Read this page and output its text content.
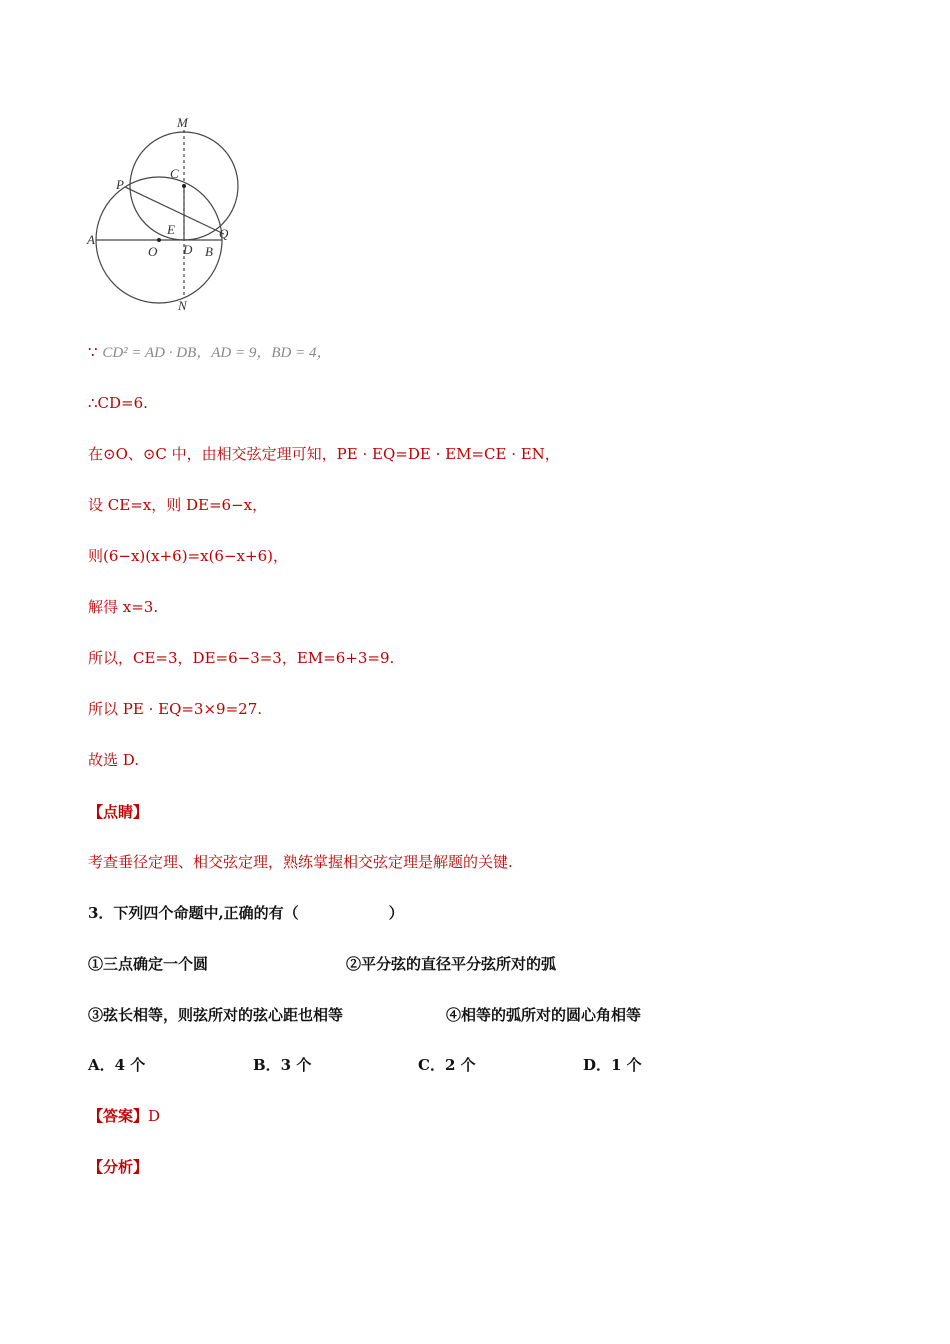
M
C
P
E
A
O D B
Q
N
∵ CD² = AD · DB，AD = 9，BD = 4，
∴CD=6.
在⊙O、⊙C 中，由相交弦定理可知，PE · EQ=DE · EM=CE · EN，
设 CE=x，则 DE=6−x，
则(6−x)(x+6)=x(6−x+6)，
解得 x=3.
所以，CE=3，DE=6−3=3，EM=6+3=9.
所以 PE · EQ=3×9=27.
故选 D.
【点睛】
考查垂径定理、相交弦定理，熟练掌握相交弦定理是解题的关键.
3．下列四个命题中,正确的有（　　　　　　）
①三点确定一个圆	②平分弦的直径平分弦所对的弧
③弦长相等，则弦所对的弦心距也相等	④相等的弧所对的圆心角相等
A．4 个	B．3 个	C．2 个	D．1 个
【答案】D
【分析】
